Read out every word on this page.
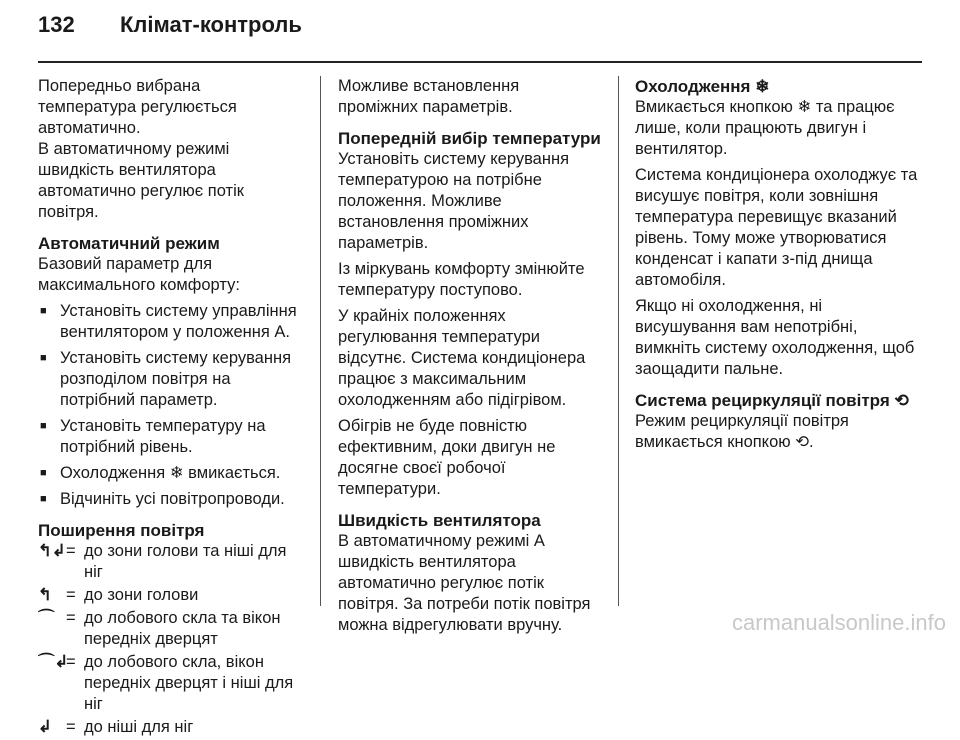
132	Клімат-контроль

Попередньо вибрана температура регулюється автоматично.

В автоматичному режимі швидкість вентилятора автоматично регулює потік повітря.

Автоматичний режим

Базовий параметр для максимального комфорту:

■ Установіть систему управління вентилятором у положення A.
■ Установіть систему керування розподілом повітря на потрібний параметр.
■ Установіть температуру на потрібний рівень.
■ Охолодження ❄ вмикається.
■ Відчиніть усі повітропроводи.
Поширення повітря
↰↲ = до зони голови та ніші для ніг
↰ = до зони голови
⌒ = до лобового скла та вікон передніх дверцят
⌒↲
= до лобового скла, вікон передніх дверцят і ніші для ніг
↲ = до ніші для ніг

Можливе встановлення проміжних параметрів.

Попередній вибір температури

Установіть систему керування температурою на потрібне положення. Можливе встановлення проміжних параметрів.

Із міркувань комфорту змінюйте температуру поступово.

У крайніх положеннях регулювання температури відсутнє. Система кондиціонера працює з максимальним охолодженням або підігрівом.

Обігрів не буде повністю ефективним, доки двигун не досягне своєї робочої температури.

Швидкість вентилятора

В автоматичному режимі A швидкість вентилятора автоматично регулює потік повітря. За потреби потік повітря можна відрегулювати вручну.

Охолодження ❄

Вмикається кнопкою ❄ та працює лише, коли працюють двигун і вентилятор.

Система кондиціонера охолоджує та висушує повітря, коли зовнішня температура перевищує вказаний рівень. Тому може утворюватися конденсат і капати з-під днища автомобіля.

Якщо ні охолодження, ні висушування вам непотрібні, вимкніть систему охолодження, щоб заощадити пальне.

Система рециркуляції повітря ⟲

Режим рециркуляції повітря вмикається кнопкою ⟲.

carmanualsonline.info
